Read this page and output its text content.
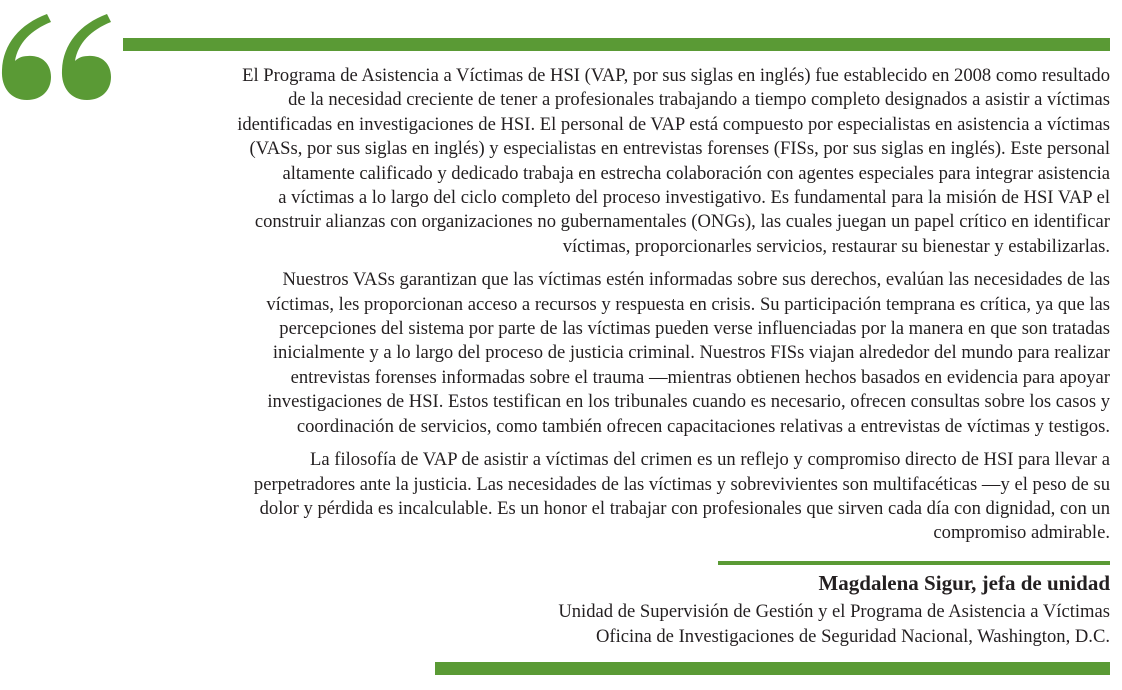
El Programa de Asistencia a Víctimas de HSI (VAP, por sus siglas en inglés) fue establecido en 2008 como resultado
de la necesidad creciente de tener a profesionales trabajando a tiempo completo designados a asistir a víctimas
identificadas en investigaciones de HSI. El personal de VAP está compuesto por especialistas en asistencia a víctimas
(VASs, por sus siglas en inglés) y especialistas en entrevistas forenses (FISs, por sus siglas en inglés). Este personal
altamente calificado y dedicado trabaja en estrecha colaboración con agentes especiales para integrar asistencia
a víctimas a lo largo del ciclo completo del proceso investigativo. Es fundamental para la misión de HSI VAP el
construir alianzas con organizaciones no gubernamentales (ONGs), las cuales juegan un papel crítico en identificar
víctimas, proporcionarles servicios, restaurar su bienestar y estabilizarlas.

Nuestros VASs garantizan que las víctimas estén informadas sobre sus derechos, evalúan las necesidades de las
víctimas, les proporcionan acceso a recursos y respuesta en crisis. Su participación temprana es crítica, ya que las
percepciones del sistema por parte de las víctimas pueden verse influenciadas por la manera en que son tratadas
inicialmente y a lo largo del proceso de justicia criminal. Nuestros FISs viajan alrededor del mundo para realizar
entrevistas forenses informadas sobre el trauma —mientras obtienen hechos basados en evidencia para apoyar
investigaciones de HSI. Estos testifican en los tribunales cuando es necesario, ofrecen consultas sobre los casos y
coordinación de servicios, como también ofrecen capacitaciones relativas a entrevistas de víctimas y testigos.

La filosofía de VAP de asistir a víctimas del crimen es un reflejo y compromiso directo de HSI para llevar a
perpetradores ante la justicia. Las necesidades de las víctimas y sobrevivientes son multifacéticas —y el peso de su
dolor y pérdida es incalculable. Es un honor el trabajar con profesionales que sirven cada día con dignidad, con un
compromiso admirable.

Magdalena Sigur, jefa de unidad
Unidad de Supervisión de Gestión y el Programa de Asistencia a Víctimas
Oficina de Investigaciones de Seguridad Nacional, Washington, D.C.
